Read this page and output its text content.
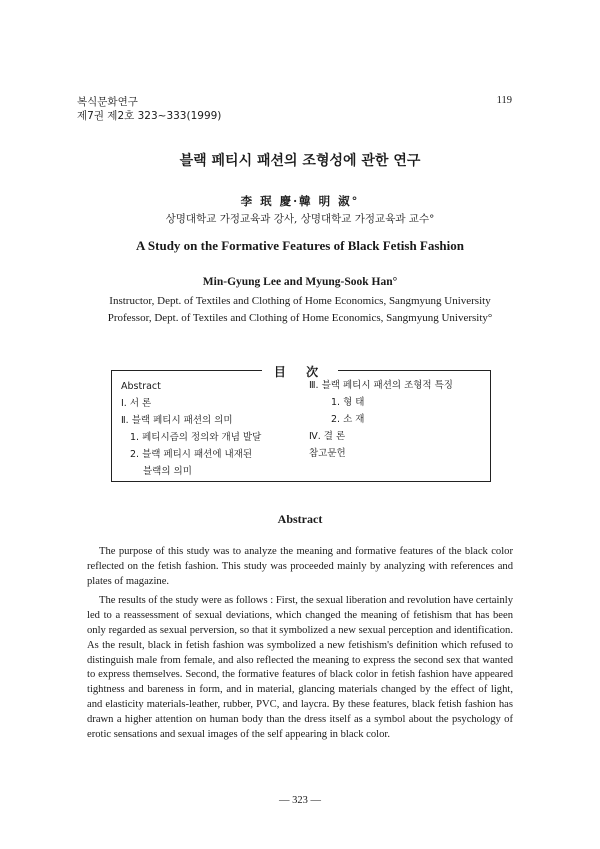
복식문화연구
제7권 제2호 323~333(1999)
119
블랙 페티시 패션의 조형성에 관한 연구
李 珉 慶·韓 明 淑°
상명대학교 가정교육과 강사, 상명대학교 가정교육과 교수°
A Study on the Formative Features of Black Fetish Fashion
Min-Gyung Lee and Myung-Sook Han°
Instructor, Dept. of Textiles and Clothing of Home Economics, Sangmyung University
Professor, Dept. of Textiles and Clothing of Home Economics, Sangmyung University°
目 次
Abstract
Ⅰ. 서 론
Ⅱ. 블랙 페티시 패션의 의미
1. 페티시즘의 정의와 개념 발달
2. 블랙 페티시 패션에 내재된
블랙의 의미
Ⅲ. 블랙 페티시 패션의 조형적 특징
1. 형 태
2. 소 재
Ⅳ. 결 론
참고문헌
Abstract

The purpose of this study was to analyze the meaning and formative features of the black color reflected on the fetish fashion. This study was proceeded mainly by analyzing with references and plates of magazine.

The results of the study were as follows : First, the sexual liberation and revolution have certainly led to a reassessment of sexual deviations, which changed the meaning of fetishism that has been only regarded as sexual perversion, so that it symbolized a new sexual perception and identification. As the result, black in fetish fashion was symbolized a new fetishism's definition which refused to distinguish male from female, and also reflected the meaning to express the second sex that wanted to express themselves. Second, the formative features of black color in fetish fashion have appeared tightness and bareness in form, and in material, glancing materials changed by the effect of light, and elasticity materials-leather, rubber, PVC, and laycra. By these features, black fetish fashion has drawn a higher attention on human body than the dress itself as a symbol about the psychology of erotic sensations and sexual images of the self appearing in black color.

— 323 —
